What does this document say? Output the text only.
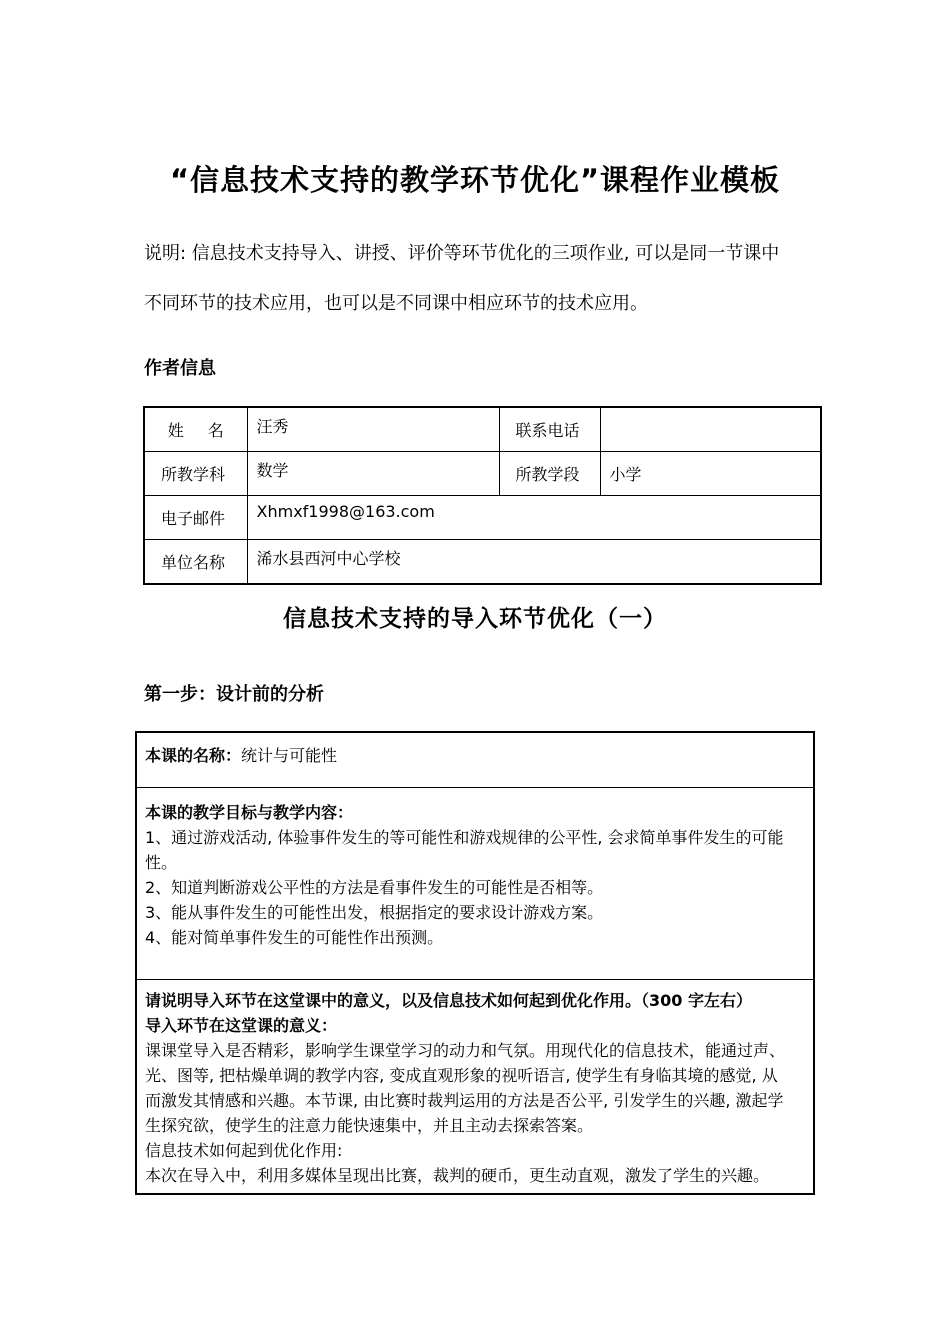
“信息技术支持的教学环节优化”课程作业模板
说明: 信息技术支持导入、讲授、评价等环节优化的三项作业, 可以是同一节课中
不同环节的技术应用，也可以是不同课中相应环节的技术应用。
作者信息
姓 名	汪秀	联系电话	
所教学科	数学	所教学段	小学
电子邮件	Xhmxf1998@163.com		
单位名称	浠水县西河中心学校		
信息技术支持的导入环节优化（一）
第一步：设计前的分析
本课的名称：统计与可能性

本课的教学目标与教学内容：

1、通过游戏活动, 体验事件发生的等可能性和游戏规律的公平性, 会求简单事件发生的可能

性。

2、知道判断游戏公平性的方法是看事件发生的可能性是否相等。

3、能从事件发生的可能性出发，根据指定的要求设计游戏方案。

4、能对简单事件发生的可能性作出预测。

请说明导入环节在这堂课中的意义，以及信息技术如何起到优化作用。（300 字左右）

导入环节在这堂课的意义：

课课堂导入是否精彩，影响学生课堂学习的动力和气氛。用现代化的信息技术，能通过声、

光、图等, 把枯燥单调的教学内容, 变成直观形象的视听语言, 使学生有身临其境的感觉, 从

而激发其情感和兴趣。本节课, 由比赛时裁判运用的方法是否公平, 引发学生的兴趣, 激起学

生探究欲，使学生的注意力能快速集中，并且主动去探索答案。

信息技术如何起到优化作用:

本次在导入中，利用多媒体呈现出比赛，裁判的硬币，更生动直观，激发了学生的兴趣。
